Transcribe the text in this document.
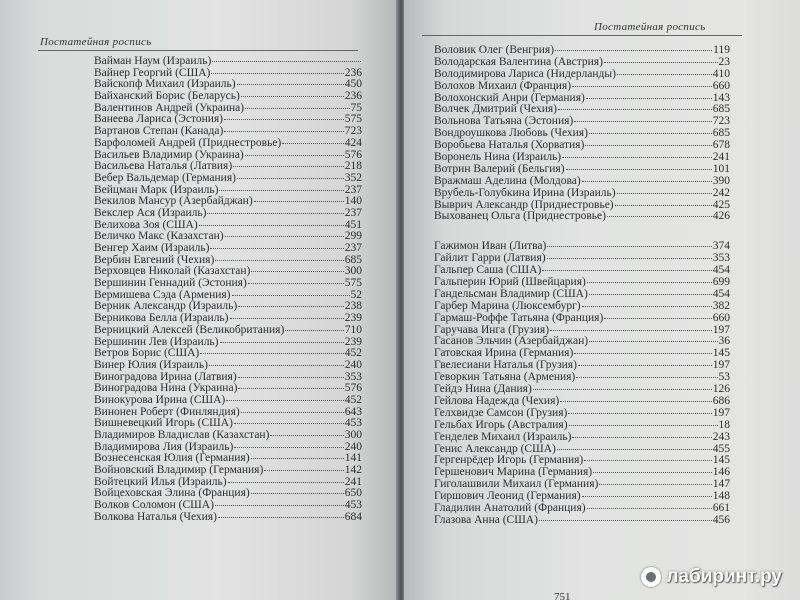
Постатейная роспись
Вайман Наум (Израиль)
Вайнер Георгий (США)	236
Вайскопф Михаил (Израиль)	450
Вайханский Борис (Беларусь)	236
Валентинов Андрей (Украина)	75
Ванеева Лариса (Эстония)	575
Вартанов Степан (Канада)	723
Варфоломей Андрей (Приднестровье)	424
Васильев Владимир (Украина)	576
Васильева Наталья (Латвия)	218
Вебер Вальдемар (Германия)	352
Вейцман Марк (Израиль)	237
Векилов Мансур (Азербайджан)	140
Векслер Ася (Израиль)	237
Велихова Зоя (США)	451
Величко Макс (Казахстан)	299
Венгер Хаим (Израиль)	237
Вербин Евгений (Чехия)	685
Верховцев Николай (Казахстан)	300
Вершинин Геннадий (Эстония)	575
Вермишева Сэда (Армения)	52
Верник Александр (Израиль)	238
Верникова Белла (Израиль)	239
Верницкий Алексей (Великобритания)	710
Вершинин Лев (Израиль)	239
Ветров Борис (США)	452
Винер Юлия (Израиль)	240
Виноградова Ирина (Латвия)	353
Виноградова Нина (Украина)	576
Винокурова Ирина (США)	452
Винонен Роберт (Финляндия)	643
Вишневецкий Игорь (США)	453
Владимиров Владислав (Казахстан)	300
Владимирова Лия (Израиль)	240
Вознесенская Юлия (Германия)	141
Войновский Владимир (Германия)	142
Войтецкий Илья (Израиль)	241
Войцеховская Элина (Франция)	650
Волков Соломон (США)	453
Волкова Наталья (Чехия)	684
Постатейная роспись
Воловик Олег (Венгрия)	119
Володарская Валентина (Австрия)	23
Володимирова Лариса (Нидерланды)	410
Волохов Михаил (Франция)	660
Волохонский Анри (Германия)	143
Волчек Дмитрий (Чехия)	685
Вольнова Татьяна (Эстония)	723
Вондроушкова Любовь (Чехия)	685
Воробьева Наталья (Хорватия)	678
Воронель Нина (Израиль)	241
Вотрин Валерий (Бельгия)	101
Вражмаш Аделина (Молдова)	390
Врубель-Голубкина Ирина (Израиль)	242
Выврич Александр (Приднестровье)	425
Выхованец Ольга (Приднестровье)	426
Гажимон Иван (Литва)	374
Гайлит Гарри (Латвия)	353
Гальпер Саша (США)	454
Гальперин Юрий (Швейцария)	699
Гандельсман Владимир (США)	454
Гарбер Марина (Люксембург)	382
Гармаш-Роффе Татьяна (Франция)	660
Гаручава Инга (Грузия)	197
Гасанов Эльчин (Азербайджан)	36
Гатовская Ирина (Германия)	145
Гвелесиани Наталья (Грузия)	197
Геворкин Татьяна (Армения)	53
Гейдэ Нина (Дания)	126
Гейлова Надежда (Чехия)	686
Гелхвидзе Самсон (Грузия)	197
Гельбах Игорь (Австралия)	18
Генделев Михаил (Израиль)	243
Генис Александр (США)	455
Гергенрёдер Игорь (Германия)	145
Гершенович Марина (Германия)	146
Гиголашвили Михаил (Германия)	147
Гиршович Леонид (Германия)	148
Гладилин Анатолий (Франция)	661
Глазова Анна (США)	456
751
лабиринт.ру
